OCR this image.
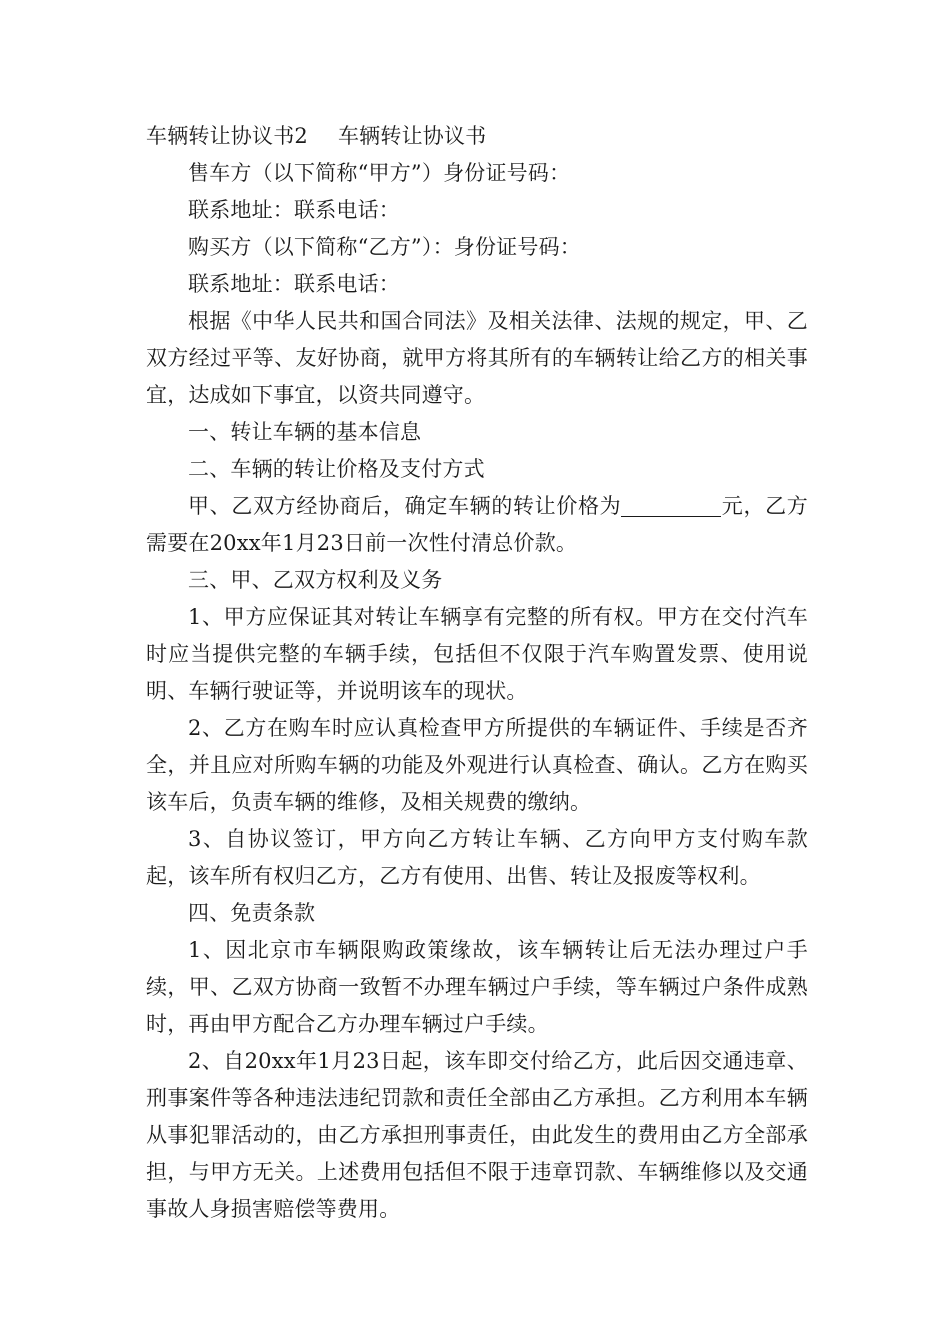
车辆转让协议书2 车辆转让协议书

售车方（以下简称“甲方”）身份证号码：

联系地址：联系电话：

购买方（以下简称“乙方”）：身份证号码：

联系地址：联系电话：

根据《中华人民共和国合同法》及相关法律、法规的规定，甲、乙双方经过平等、友好协商，就甲方将其所有的车辆转让给乙方的相关事宜，达成如下事宜，以资共同遵守。

一、转让车辆的基本信息

二、车辆的转让价格及支付方式

甲、乙双方经协商后，确定车辆的转让价格为	元，乙方需要在20xx年1月23日前一次性付清总价款。

三、甲、乙双方权利及义务

1、甲方应保证其对转让车辆享有完整的所有权。甲方在交付汽车时应当提供完整的车辆手续，包括但不仅限于汽车购置发票、使用说明、车辆行驶证等，并说明该车的现状。

2、乙方在购车时应认真检查甲方所提供的车辆证件、手续是否齐全，并且应对所购车辆的功能及外观进行认真检查、确认。乙方在购买该车后，负责车辆的维修，及相关规费的缴纳。

3、自协议签订，甲方向乙方转让车辆、乙方向甲方支付购车款起，该车所有权归乙方，乙方有使用、出售、转让及报废等权利。

四、免责条款

1、因北京市车辆限购政策缘故，该车辆转让后无法办理过户手续，甲、乙双方协商一致暂不办理车辆过户手续，等车辆过户条件成熟时，再由甲方配合乙方办理车辆过户手续。

2、自20xx年1月23日起，该车即交付给乙方，此后因交通违章、刑事案件等各种违法违纪罚款和责任全部由乙方承担。乙方利用本车辆从事犯罪活动的，由乙方承担刑事责任，由此发生的费用由乙方全部承担，与甲方无关。上述费用包括但不限于违章罚款、车辆维修以及交通事故人身损害赔偿等费用。
